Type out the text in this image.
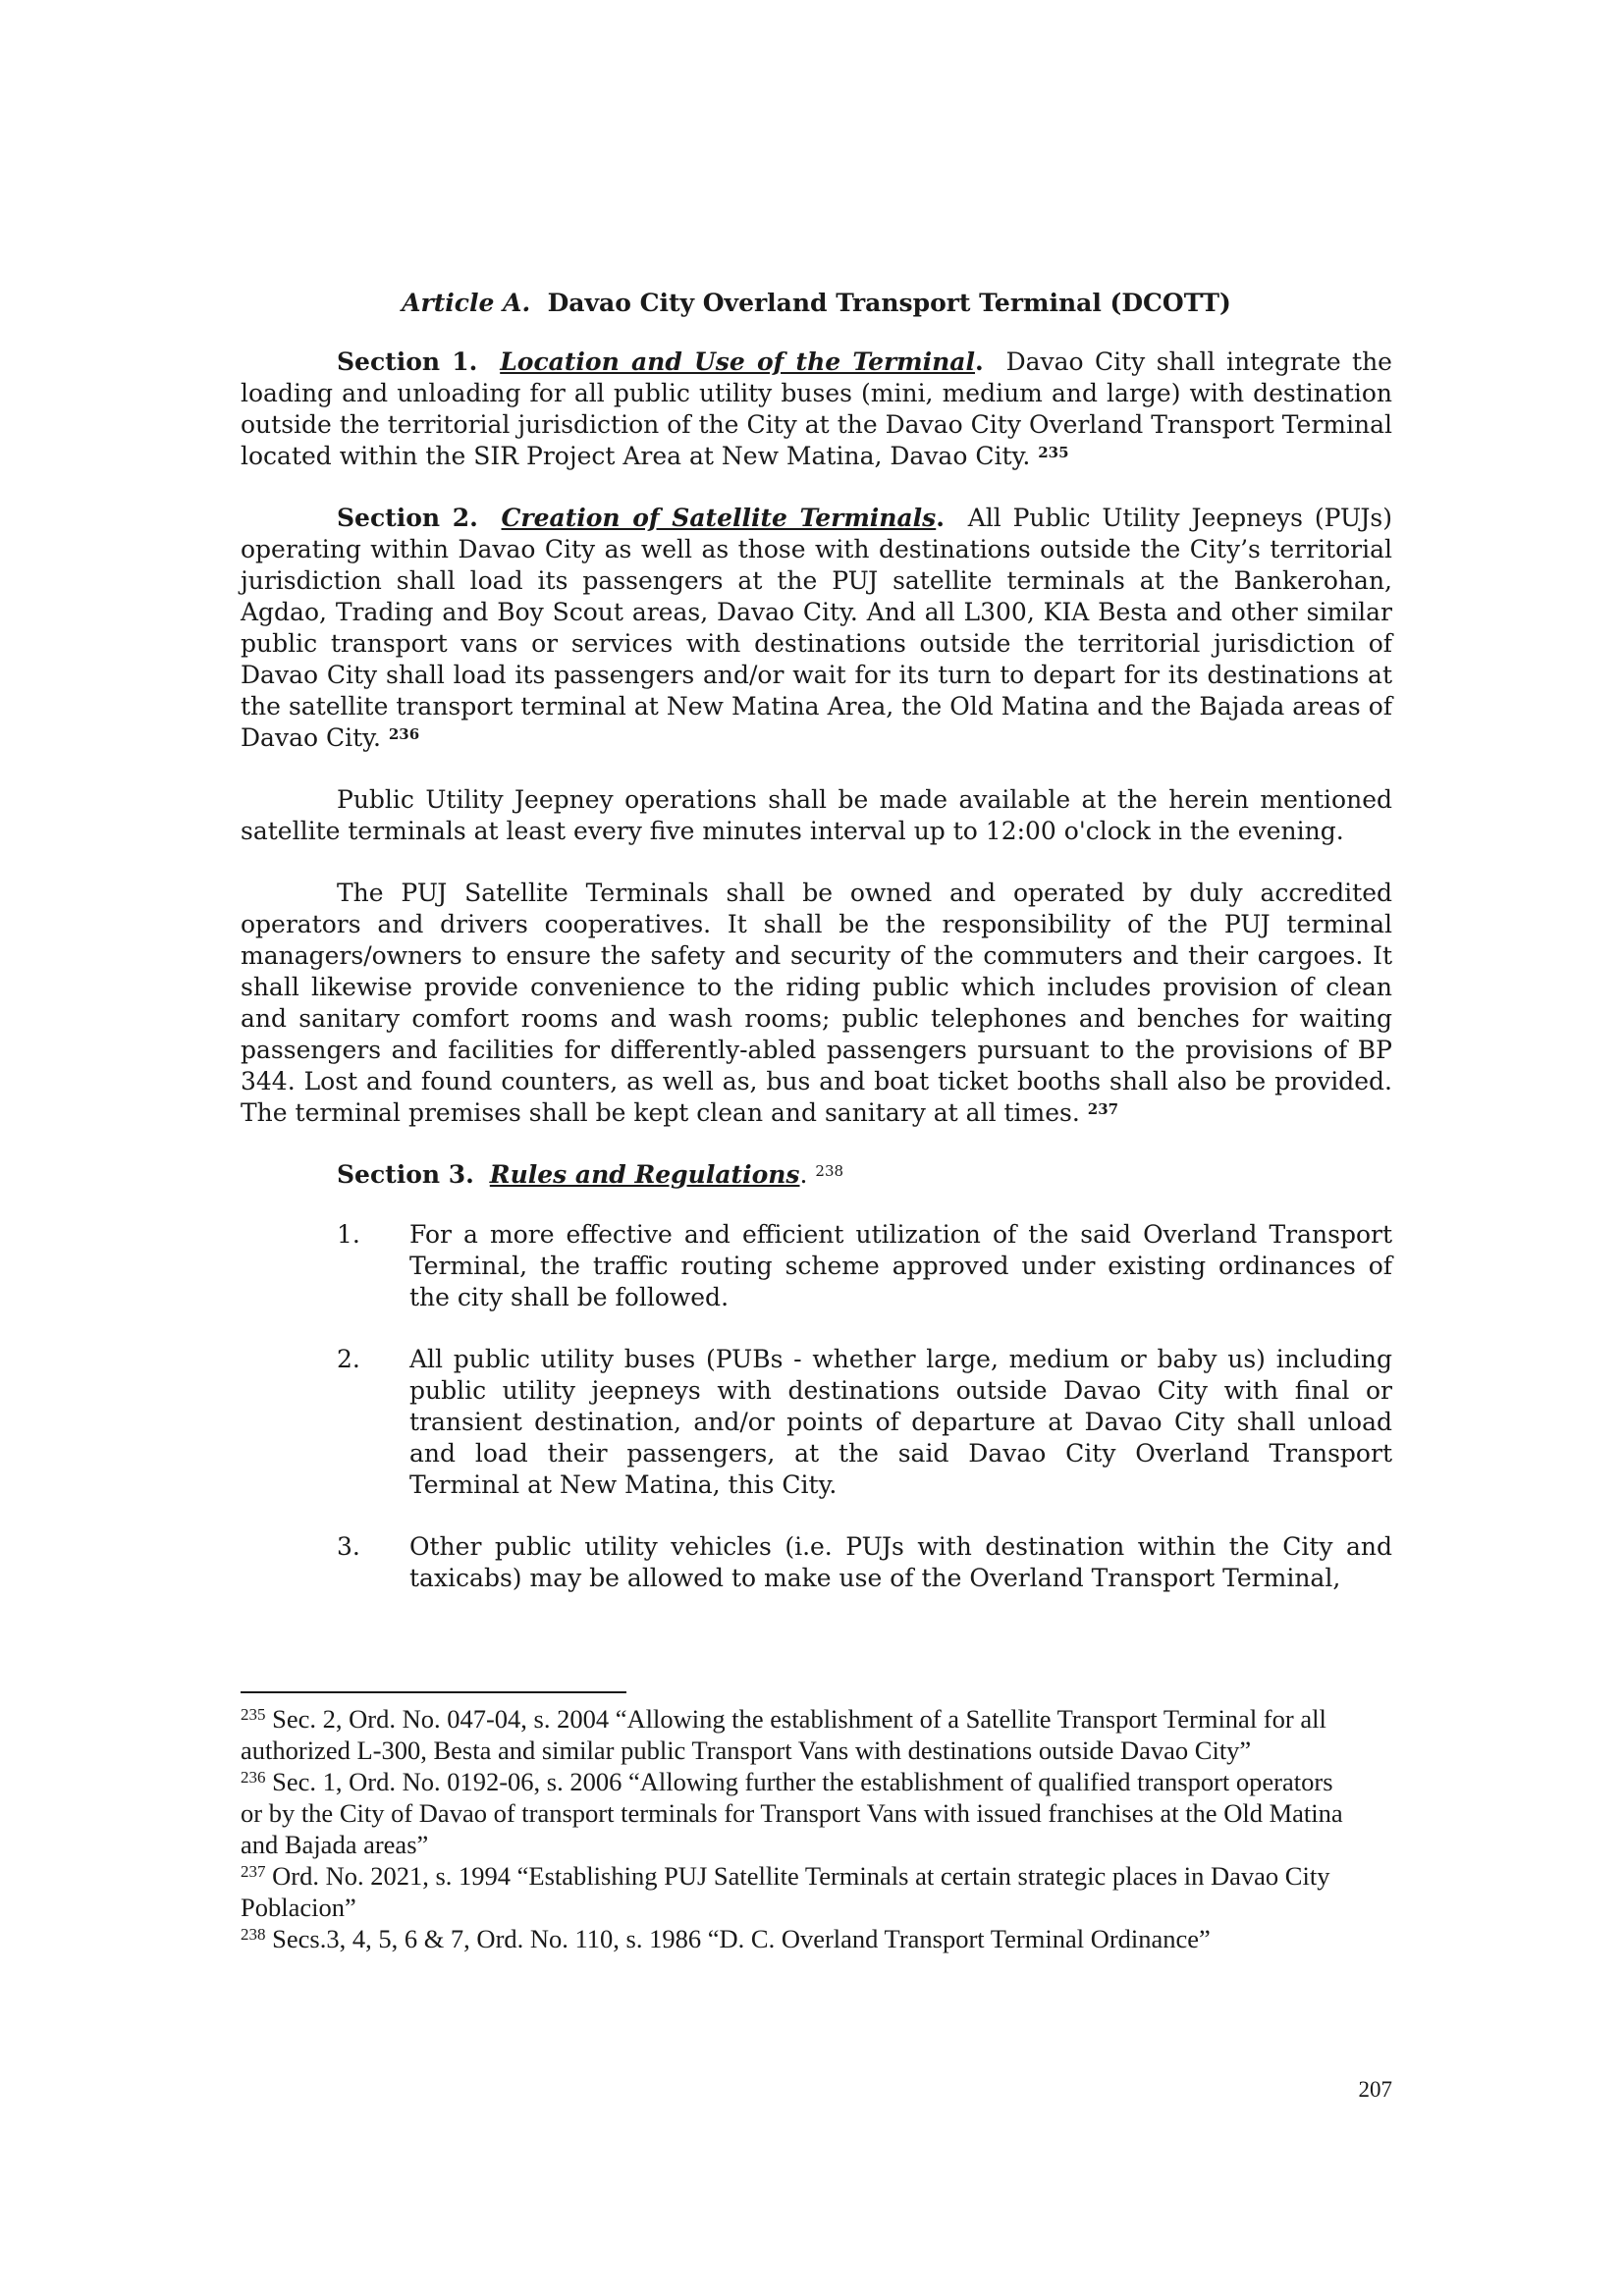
Article A. Davao City Overland Transport Terminal (DCOTT)

Section 1. Location and Use of the Terminal. Davao City shall integrate the loading and unloading for all public utility buses (mini, medium and large) with destination outside the territorial jurisdiction of the City at the Davao City Overland Transport Terminal located within the SIR Project Area at New Matina, Davao City. $^{235}$

Section 2. Creation of Satellite Terminals. All Public Utility Jeepneys (PUJs) operating within Davao City as well as those with destinations outside the City’s territorial jurisdiction shall load its passengers at the PUJ satellite terminals at the Bankerohan, Agdao, Trading and Boy Scout areas, Davao City. And all L300, KIA Besta and other similar public transport vans or services with destinations outside the territorial jurisdiction of Davao City shall load its passengers and/or wait for its turn to depart for its destinations at the satellite transport terminal at New Matina Area, the Old Matina and the Bajada areas of Davao City. $^{236}$

Public Utility Jeepney operations shall be made available at the herein mentioned satellite terminals at least every five minutes interval up to 12:00 o'clock in the evening.

The PUJ Satellite Terminals shall be owned and operated by duly accredited operators and drivers cooperatives. It shall be the responsibility of the PUJ terminal managers/owners to ensure the safety and security of the commuters and their cargoes. It shall likewise provide convenience to the riding public which includes provision of clean and sanitary comfort rooms and wash rooms; public telephones and benches for waiting passengers and facilities for differently-abled passengers pursuant to the provisions of BP 344. Lost and found counters, as well as, bus and boat ticket booths shall also be provided. The terminal premises shall be kept clean and sanitary at all times. $^{237}$

Section 3. Rules and Regulations. $^{238}$
1. For a more effective and efficient utilization of the said Overland Transport Terminal, the traffic routing scheme approved under existing ordinances of the city shall be followed.
2. All public utility buses (PUBs - whether large, medium or baby us) including public utility jeepneys with destinations outside Davao City with final or transient destination, and/or points of departure at Davao City shall unload and load their passengers, at the said Davao City Overland Transport Terminal at New Matina, this City.
3. Other public utility vehicles (i.e. PUJs with destination within the City and taxicabs) may be allowed to make use of the Overland Transport Terminal,

$^{235}$ Sec. 2, Ord. No. 047-04, s. 2004 “Allowing the establishment of a Satellite Transport Terminal for all authorized L-300, Besta and similar public Transport Vans with destinations outside Davao City”

$^{236}$ Sec. 1, Ord. No. 0192-06, s. 2006 “Allowing further the establishment of qualified transport operators or by the City of Davao of transport terminals for Transport Vans with issued franchises at the Old Matina and Bajada areas”

$^{237}$ Ord. No. 2021, s. 1994 “Establishing PUJ Satellite Terminals at certain strategic places in Davao City Poblacion”

$^{238}$ Secs.3, 4, 5, 6 & 7, Ord. No. 110, s. 1986 “D. C. Overland Transport Terminal Ordinance”

207
